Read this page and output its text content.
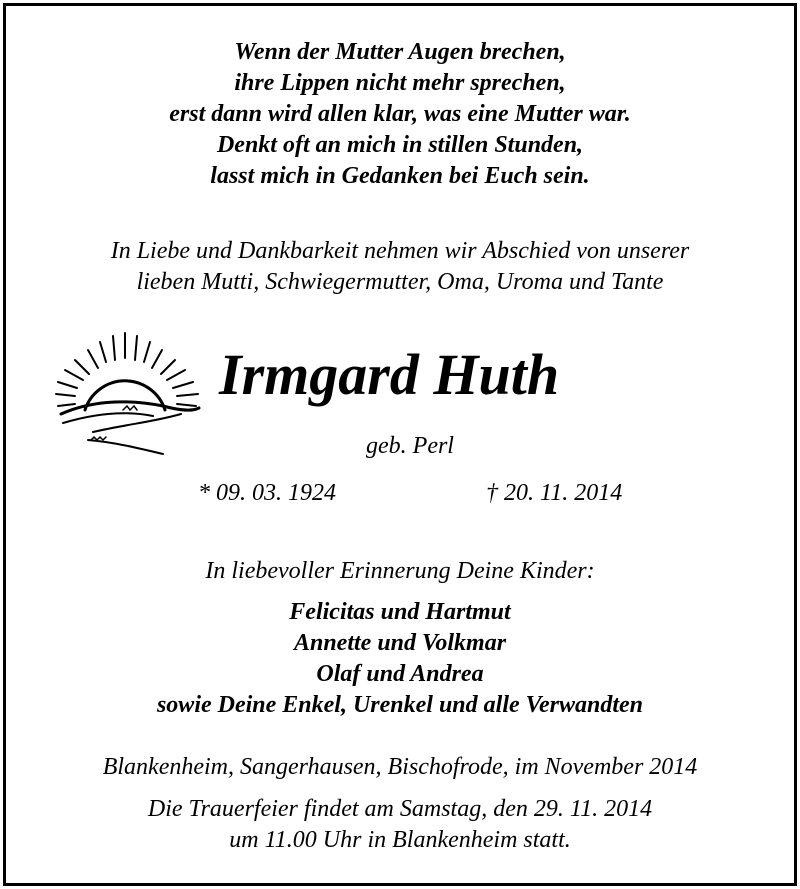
Wenn der Mutter Augen brechen,
ihre Lippen nicht mehr sprechen,
erst dann wird allen klar, was eine Mutter war.
Denkt oft an mich in stillen Stunden,
lasst mich in Gedanken bei Euch sein.
In Liebe und Dankbarkeit nehmen wir Abschied von unserer
lieben Mutti, Schwiegermutter, Oma, Uroma und Tante
Irmgard Huth
geb. Perl
* 09. 03. 1924	† 20. 11. 2014
In liebevoller Erinnerung Deine Kinder:
Felicitas und Hartmut
Annette und Volkmar
Olaf und Andrea
sowie Deine Enkel, Urenkel und alle Verwandten
Blankenheim, Sangerhausen, Bischofrode, im November 2014
Die Trauerfeier findet am Samstag, den 29. 11. 2014
um 11.00 Uhr in Blankenheim statt.
